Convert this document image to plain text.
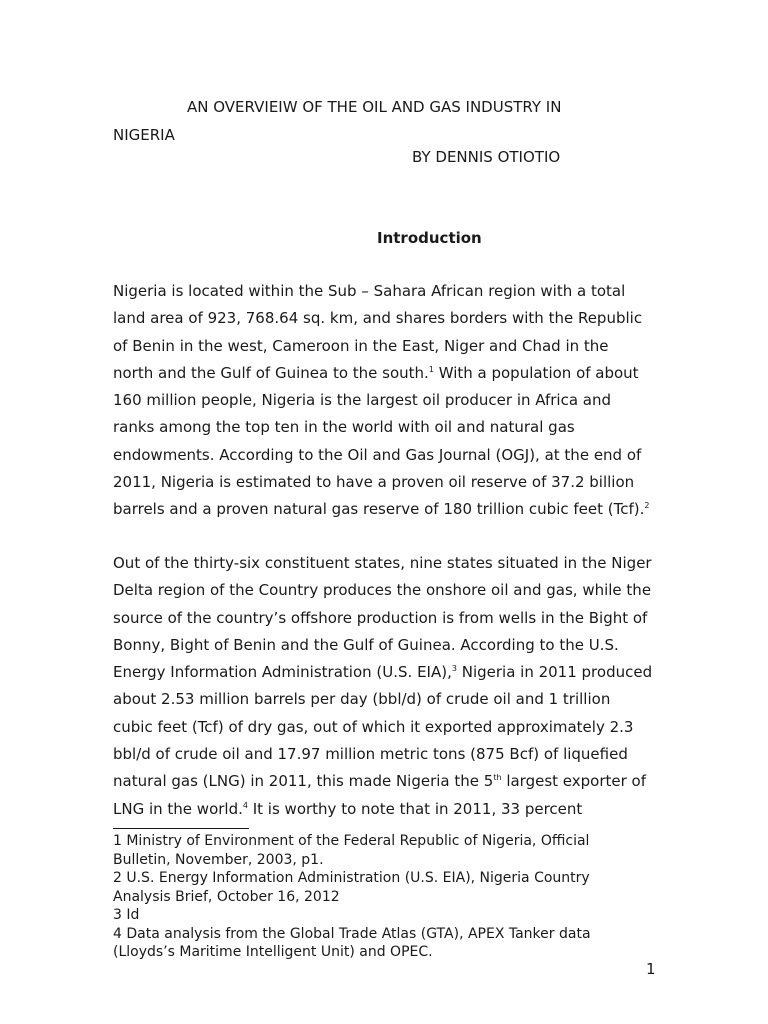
AN OVERVIEIW OF THE OIL AND GAS INDUSTRY IN
NIGERIA

BY DENNIS OTIOTIO

Introduction
Nigeria is located within the Sub – Sahara African region with a total
land area of 923, 768.64 sq. km, and shares borders with the Republic
of Benin in the west, Cameroon in the East, Niger and Chad in the
north and the Gulf of Guinea to the south.$^1$ With a population of about
160 million people, Nigeria is the largest oil producer in Africa and
ranks among the top ten in the world with oil and natural gas
endowments. According to the Oil and Gas Journal (OGJ), at the end of
2011, Nigeria is estimated to have a proven oil reserve of 37.2 billion
barrels and a proven natural gas reserve of 180 trillion cubic feet (Tcf).$^2$
Out of the thirty-six constituent states, nine states situated in the Niger
Delta region of the Country produces the onshore oil and gas, while the
source of the country’s offshore production is from wells in the Bight of
Bonny, Bight of Benin and the Gulf of Guinea. According to the U.S.
Energy Information Administration (U.S. EIA),$^3$ Nigeria in 2011 produced
about 2.53 million barrels per day (bbl/d) of crude oil and 1 trillion
cubic feet (Tcf) of dry gas, out of which it exported approximately 2.3
bbl/d of crude oil and 17.97 million metric tons (875 Bcf) of liquefied
natural gas (LNG) in 2011, this made Nigeria the 5th largest exporter of
LNG in the world.$^4$ It is worthy to note that in 2011, 33 percent
1 Ministry of Environment of the Federal Republic of Nigeria, Official
Bulletin, November, 2003, p1.
2 U.S. Energy Information Administration (U.S. EIA), Nigeria Country
Analysis Brief, October 16, 2012
3 Id
4 Data analysis from the Global Trade Atlas (GTA), APEX Tanker data
(Lloyds’s Maritime Intelligent Unit) and OPEC.
1
